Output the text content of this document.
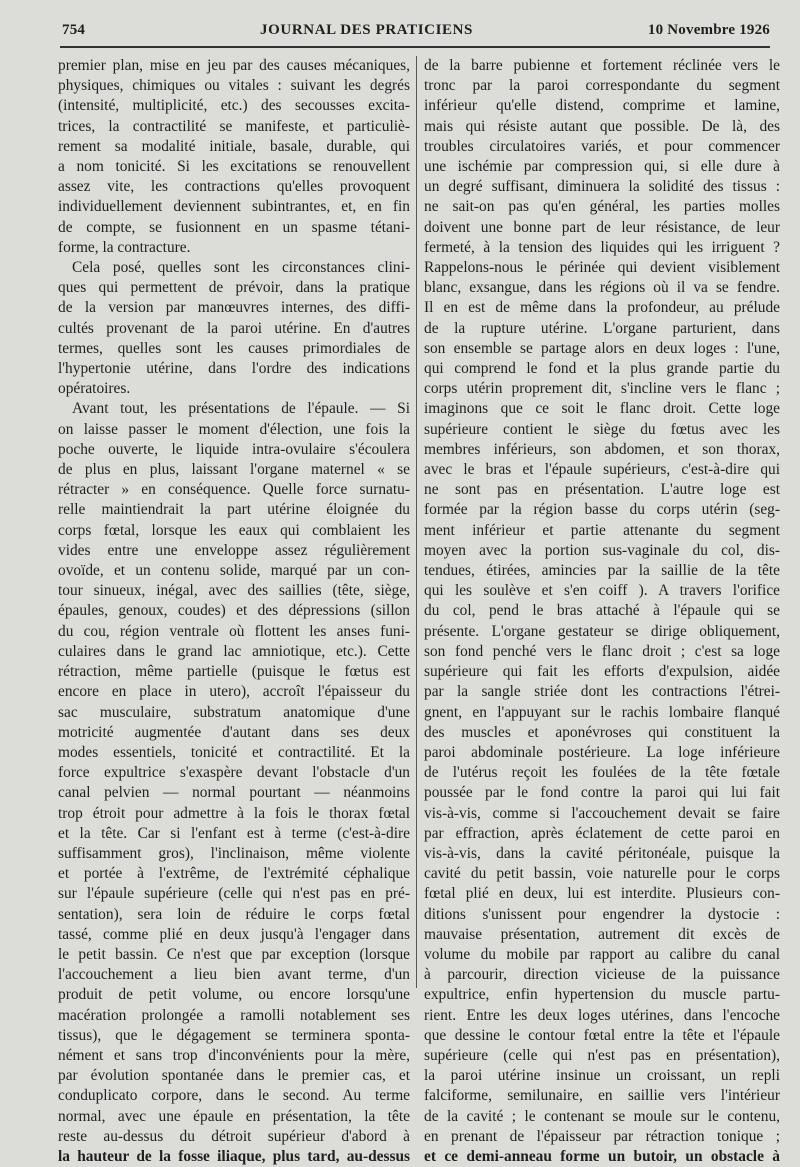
754	JOURNAL DES PRATICIENS	10 Novembre 1926
premier plan, mise en jeu par des causes mécaniques,
physiques, chimiques ou vitales : suivant les degrés
(intensité, multiplicité, etc.) des secousses excita-
trices, la contractilité se manifeste, et particuliè-
rement sa modalité initiale, basale, durable, qui
a nom tonicité. Si les excitations se renouvellent
assez vite, les contractions qu'elles provoquent
individuellement deviennent subintrantes, et, en fin
de compte, se fusionnent en un spasme tétani-
forme, la contracture.
Cela posé, quelles sont les circonstances clini-
ques qui permettent de prévoir, dans la pratique
de la version par manœuvres internes, des diffi-
cultés provenant de la paroi utérine. En d'autres
termes, quelles sont les causes primordiales de
l'hypertonie utérine, dans l'ordre des indications
opératoires.
Avant tout, les présentations de l'épaule. — Si
on laisse passer le moment d'élection, une fois la
poche ouverte, le liquide intra-ovulaire s'écoulera
de plus en plus, laissant l'organe maternel « se
rétracter » en conséquence. Quelle force surnatu-
relle maintiendrait la part utérine éloignée du
corps fœtal, lorsque les eaux qui comblaient les
vides entre une enveloppe assez régulièrement
ovoïde, et un contenu solide, marqué par un con-
tour sinueux, inégal, avec des saillies (tête, siège,
épaules, genoux, coudes) et des dépressions (sillon
du cou, région ventrale où flottent les anses funi-
culaires dans le grand lac amniotique, etc.). Cette
rétraction, même partielle (puisque le fœtus est
encore en place in utero), accroît l'épaisseur du
sac musculaire, substratum anatomique d'une
motricité augmentée d'autant dans ses deux
modes essentiels, tonicité et contractilité. Et la
force expultrice s'exaspère devant l'obstacle d'un
canal pelvien — normal pourtant — néanmoins
trop étroit pour admettre à la fois le thorax fœtal
et la tête. Car si l'enfant est à terme (c'est-à-dire
suffisamment gros), l'inclinaison, même violente
et portée à l'extrême, de l'extrémité céphalique
sur l'épaule supérieure (celle qui n'est pas en pré-
sentation), sera loin de réduire le corps fœtal
tassé, comme plié en deux jusqu'à l'engager dans
le petit bassin. Ce n'est que par exception (lorsque
l'accouchement a lieu bien avant terme, d'un
produit de petit volume, ou encore lorsqu'une
macération prolongée a ramolli notablement ses
tissus), que le dégagement se terminera sponta-
nément et sans trop d'inconvénients pour la mère,
par évolution spontanée dans le premier cas, et
conduplicato corpore, dans le second. Au terme
normal, avec une épaule en présentation, la tête
reste au-dessus du détroit supérieur d'abord à
la hauteur de la fosse iliaque, plus tard, au-dessus
de la barre pubienne et fortement réclinée vers le
tronc par la paroi correspondante du segment
inférieur qu'elle distend, comprime et lamine,
mais qui résiste autant que possible. De là, des
troubles circulatoires variés, et pour commencer
une ischémie par compression qui, si elle dure à
un degré suffisant, diminuera la solidité des tissus :
ne sait-on pas qu'en général, les parties molles
doivent une bonne part de leur résistance, de leur
fermeté, à la tension des liquides qui les irriguent ?
Rappelons-nous le périnée qui devient visiblement
blanc, exsangue, dans les régions où il va se fendre.
Il en est de même dans la profondeur, au prélude
de la rupture utérine. L'organe parturient, dans
son ensemble se partage alors en deux loges : l'une,
qui comprend le fond et la plus grande partie du
corps utérin proprement dit, s'incline vers le flanc ;
imaginons que ce soit le flanc droit. Cette loge
supérieure contient le siège du fœtus avec les
membres inférieurs, son abdomen, et son thorax,
avec le bras et l'épaule supérieurs, c'est-à-dire qui
ne sont pas en présentation. L'autre loge est
formée par la région basse du corps utérin (seg-
ment inférieur et partie attenante du segment
moyen avec la portion sus-vaginale du col, dis-
tendues, étirées, amincies par la saillie de la tête
qui les soulève et s'en coiff ). A travers l'orifice
du col, pend le bras attaché à l'épaule qui se
présente. L'organe gestateur se dirige obliquement,
son fond penché vers le flanc droit ; c'est sa loge
supérieure qui fait les efforts d'expulsion, aidée
par la sangle striée dont les contractions l'étrei-
gnent, en l'appuyant sur le rachis lombaire flanqué
des muscles et aponévroses qui constituent la
paroi abdominale postérieure. La loge inférieure
de l'utérus reçoit les foulées de la tête fœtale
poussée par le fond contre la paroi qui lui fait
vis-à-vis, comme si l'accouchement devait se faire
par effraction, après éclatement de cette paroi en
vis-à-vis, dans la cavité péritonéale, puisque la
cavité du petit bassin, voie naturelle pour le corps
fœtal plié en deux, lui est interdite. Plusieurs con-
ditions s'unissent pour engendrer la dystocie :
mauvaise présentation, autrement dit excès de
volume du mobile par rapport au calibre du canal
à parcourir, direction vicieuse de la puissance
expultrice, enfin hypertension du muscle partu-
rient. Entre les deux loges utérines, dans l'encoche
que dessine le contour fœtal entre la tête et l'épaule
supérieure (celle qui n'est pas en présentation),
la paroi utérine insinue un croissant, un repli
falciforme, semilunaire, en saillie vers l'intérieur
de la cavité ; le contenant se moule sur le contenu,
en prenant de l'épaisseur par rétraction tonique ;
et ce demi-anneau forme un butoir, un obstacle à
